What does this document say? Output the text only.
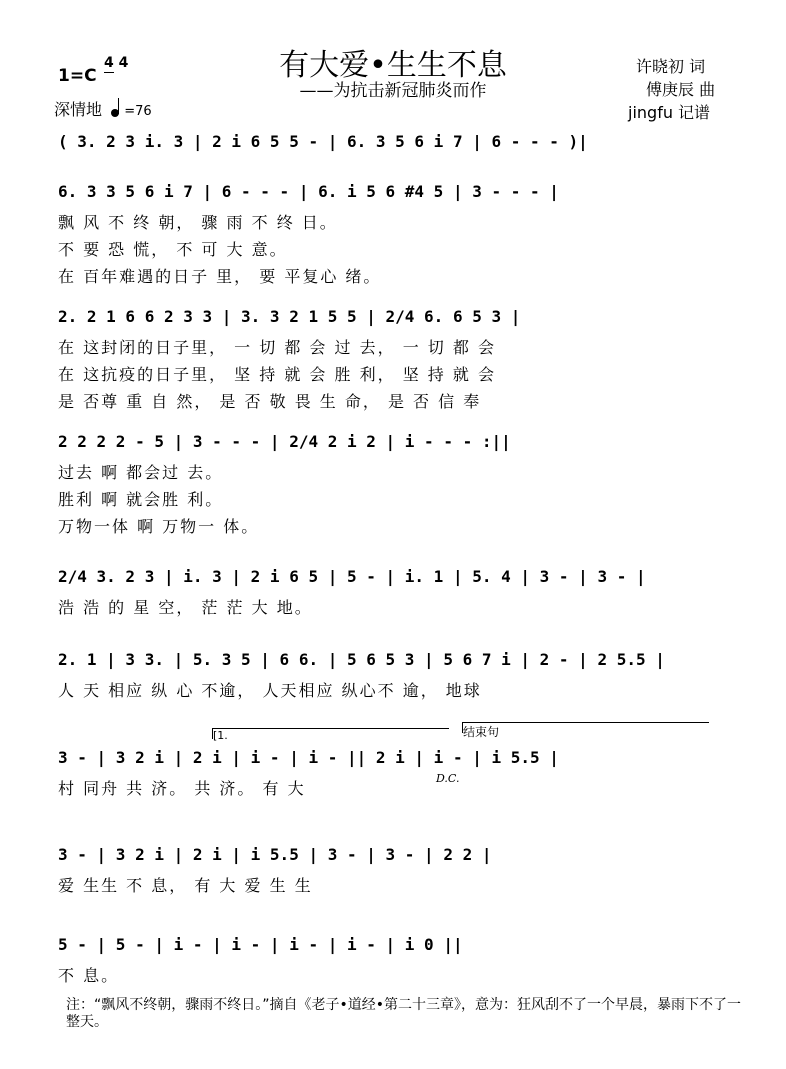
有大爱•生生不息
——为抗击新冠肺炎而作
1=C
4 4
深情地 =76
许晓初 词
傅庚辰 曲
jingfu 记谱
( 3. 2 3 i. 3 | 2 i 6 5 5 - | 6. 3 5 6 i 7 | 6 - - - )|
6. 3 3 5 6 i 7 | 6 - - - | 6. i 5 6 #4 5 | 3 - - - |
飘 风 不 终 朝， 骤 雨 不 终 日。
不 要 恐 慌， 不 可 大 意。
在 百年难遇的日子 里， 要 平复心 绪。
2. 2 1 6 6 2 3 3 | 3. 3 2 1 5 5 | 2/4 6. 6 5 3 |
在 这封闭的日子里， 一 切 都 会 过 去， 一 切 都 会
在 这抗疫的日子里， 坚 持 就 会 胜 利， 坚 持 就 会
是 否尊 重 自 然， 是 否 敬 畏 生 命， 是 否 信 奉
2 2 2 2 - 5 | 3 - - - | 2/4 2 i 2 | i - - - :||
过去 啊 都会过 去。
胜利 啊 就会胜 利。
万物一体 啊 万物一 体。
2/4 3. 2 3 | i. 3 | 2 i 6 5 | 5 - | i. 1 | 5. 4 | 3 - | 3 - |
浩 浩 的 星 空， 茫 茫 大 地。
2. 1 | 3 3. | 5. 3 5 | 6 6. | 5 6 5 3 | 5 6 7 i | 2 - | 2 5.5 |
人 天 相应 纵 心 不逾， 人天相应 纵心不 逾， 地球
3 - | 3 2 i | 2 i | i - | i - || 2 i | i - | i 5.5 |
村 同舟 共 济。 共 济。 有 大
[1.	结束句
D.C.
3 - | 3 2 i | 2 i | i 5.5 | 3 - | 3 - | 2 2 |
爱 生生 不 息， 有 大 爱 生 生
5 - | 5 - | i - | i - | i - | i - | i 0 ||
不 息。
注：“飘风不终朝，骤雨不终日。”摘自《老子•道经•第二十三章》，意为：狂风刮不了一个早晨，暴雨下不了一整天。
